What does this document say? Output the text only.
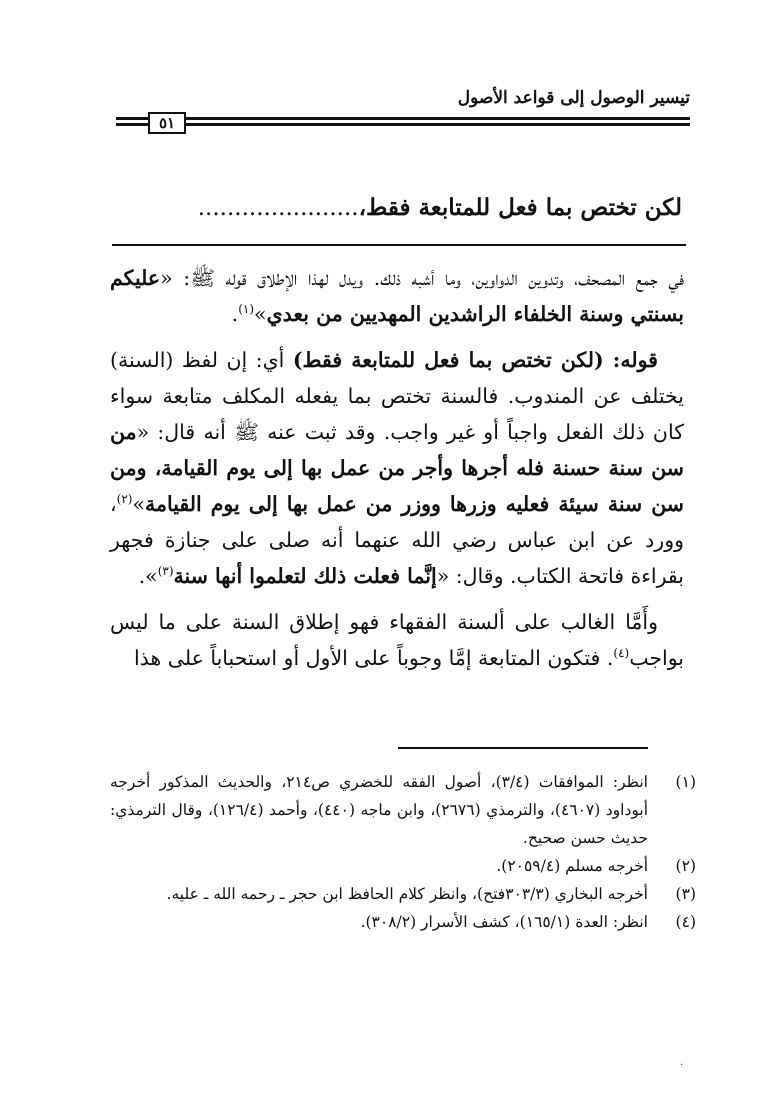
تيسير الوصول إلى قواعد الأصول
٥١
لكن تختص بما فعل للمتابعة فقط،......................

في جمع المصحف، وتدوين الدواوين، وما أشبه ذلك. ويدل لهذا الإطلاق قوله ﷺ: «عليكم بسنتي وسنة الخلفاء الراشدين المهديين من بعدي»$^{(١)}$.

قوله: (لكن تختص بما فعل للمتابعة فقط) أي: إن لفظ (السنة) يختلف عن المندوب. فالسنة تختص بما يفعله المكلف متابعة سواء كان ذلك الفعل واجباً أو غير واجب. وقد ثبت عنه ﷺ أنه قال: «من سن سنة حسنة فله أجرها وأجر من عمل بها إلى يوم القيامة، ومن سن سنة سيئة فعليه وزرها ووزر من عمل بها إلى يوم القيامة»$^{(٢)}$، وورد عن ابن عباس رضي الله عنهما أنه صلى على جنازة فجهر بقراءة فاتحة الكتاب. وقال: «إنَّما فعلت ذلك لتعلموا أنها سنة$^{(٣)}$».

وأَمَّا الغالب على ألسنة الفقهاء فهو إطلاق السنة على ما ليس بواجب$^{(٤)}$. فتكون المتابعة إمَّا وجوباً على الأول أو استحباباً على هذا

(١)
انظر: الموافقات (٣/٤)، أصول الفقه للخضري ص٢١٤، والحديث المذكور أخرجه أبوداود (٤٦٠٧)، والترمذي (٢٦٧٦)، وابن ماجه (٤٤٠)، وأحمد (١٢٦/٤)، وقال الترمذي: حديث حسن صحيح.
(٢)
أخرجه مسلم (٢٠٥٩/٤).
(٣)
أخرجه البخاري (٣٠٣/٣فتح)، وانظر كلام الحافظ ابن حجر ـ رحمه الله ـ عليه.
(٤)
انظر: العدة (١٦٥/١)، كشف الأسرار (٣٠٨/٢).
·
